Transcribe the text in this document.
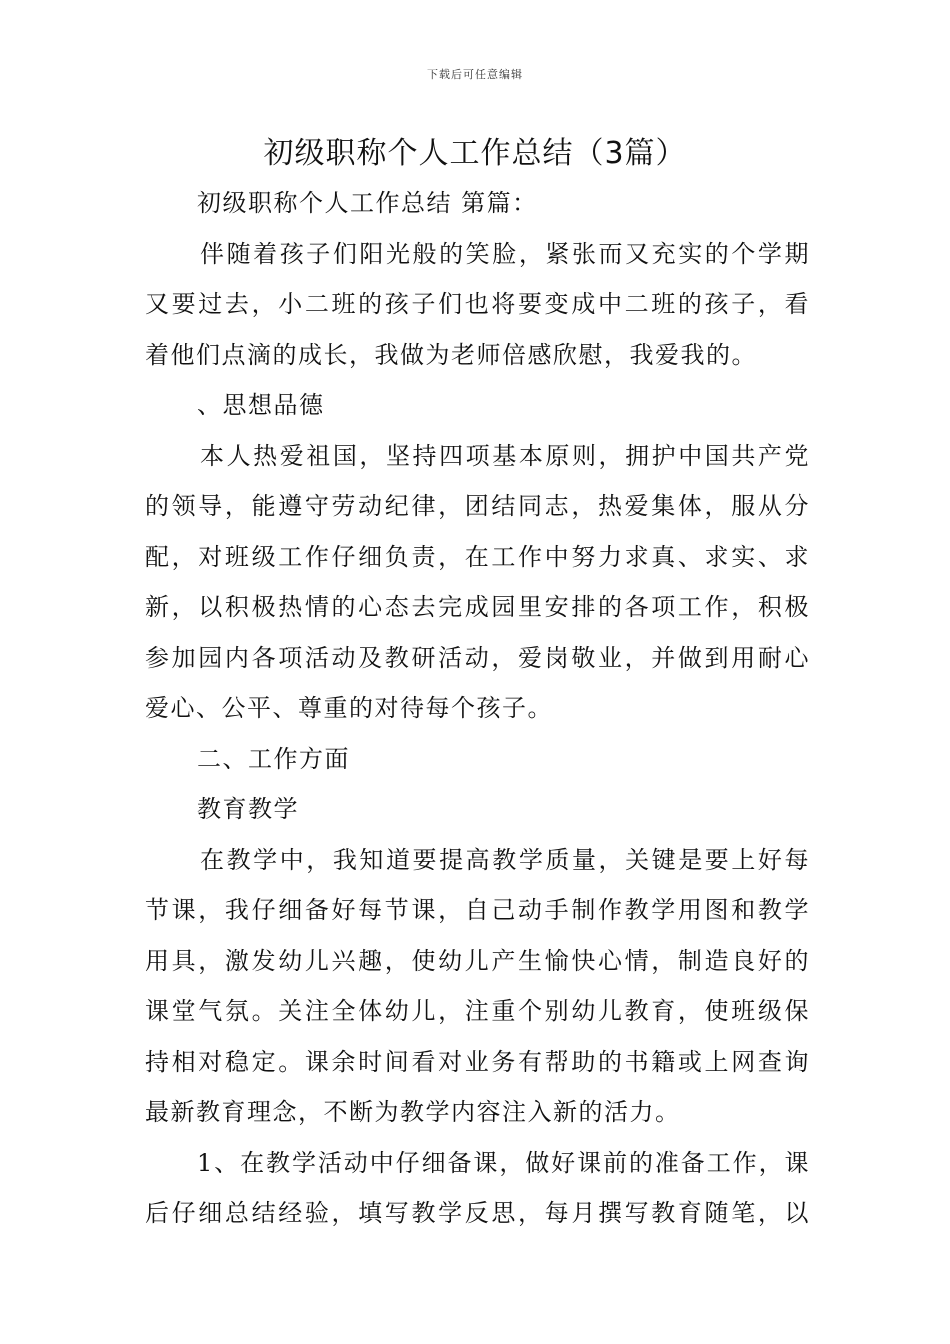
下载后可任意编辑
初级职称个人工作总结（3篇）
初级职称个人工作总结 第篇：
伴随着孩子们阳光般的笑脸，紧张而又充实的个学期
又要过去，小二班的孩子们也将要变成中二班的孩子，看
着他们点滴的成长，我做为老师倍感欣慰，我爱我的。
、思想品德
本人热爱祖国，坚持四项基本原则，拥护中国共产党
的领导，能遵守劳动纪律，团结同志，热爱集体，服从分
配，对班级工作仔细负责，在工作中努力求真、求实、求
新，以积极热情的心态去完成园里安排的各项工作，积极
参加园内各项活动及教研活动，爱岗敬业，并做到用耐心
爱心、公平、尊重的对待每个孩子。
二、工作方面
教育教学
在教学中，我知道要提高教学质量，关键是要上好每
节课，我仔细备好每节课，自己动手制作教学用图和教学
用具，激发幼儿兴趣，使幼儿产生愉快心情，制造良好的
课堂气氛。关注全体幼儿，注重个别幼儿教育，使班级保
持相对稳定。课余时间看对业务有帮助的书籍或上网查询
最新教育理念，不断为教学内容注入新的活力。
1、在教学活动中仔细备课，做好课前的准备工作，课
后仔细总结经验，填写教学反思，每月撰写教育随笔，以
